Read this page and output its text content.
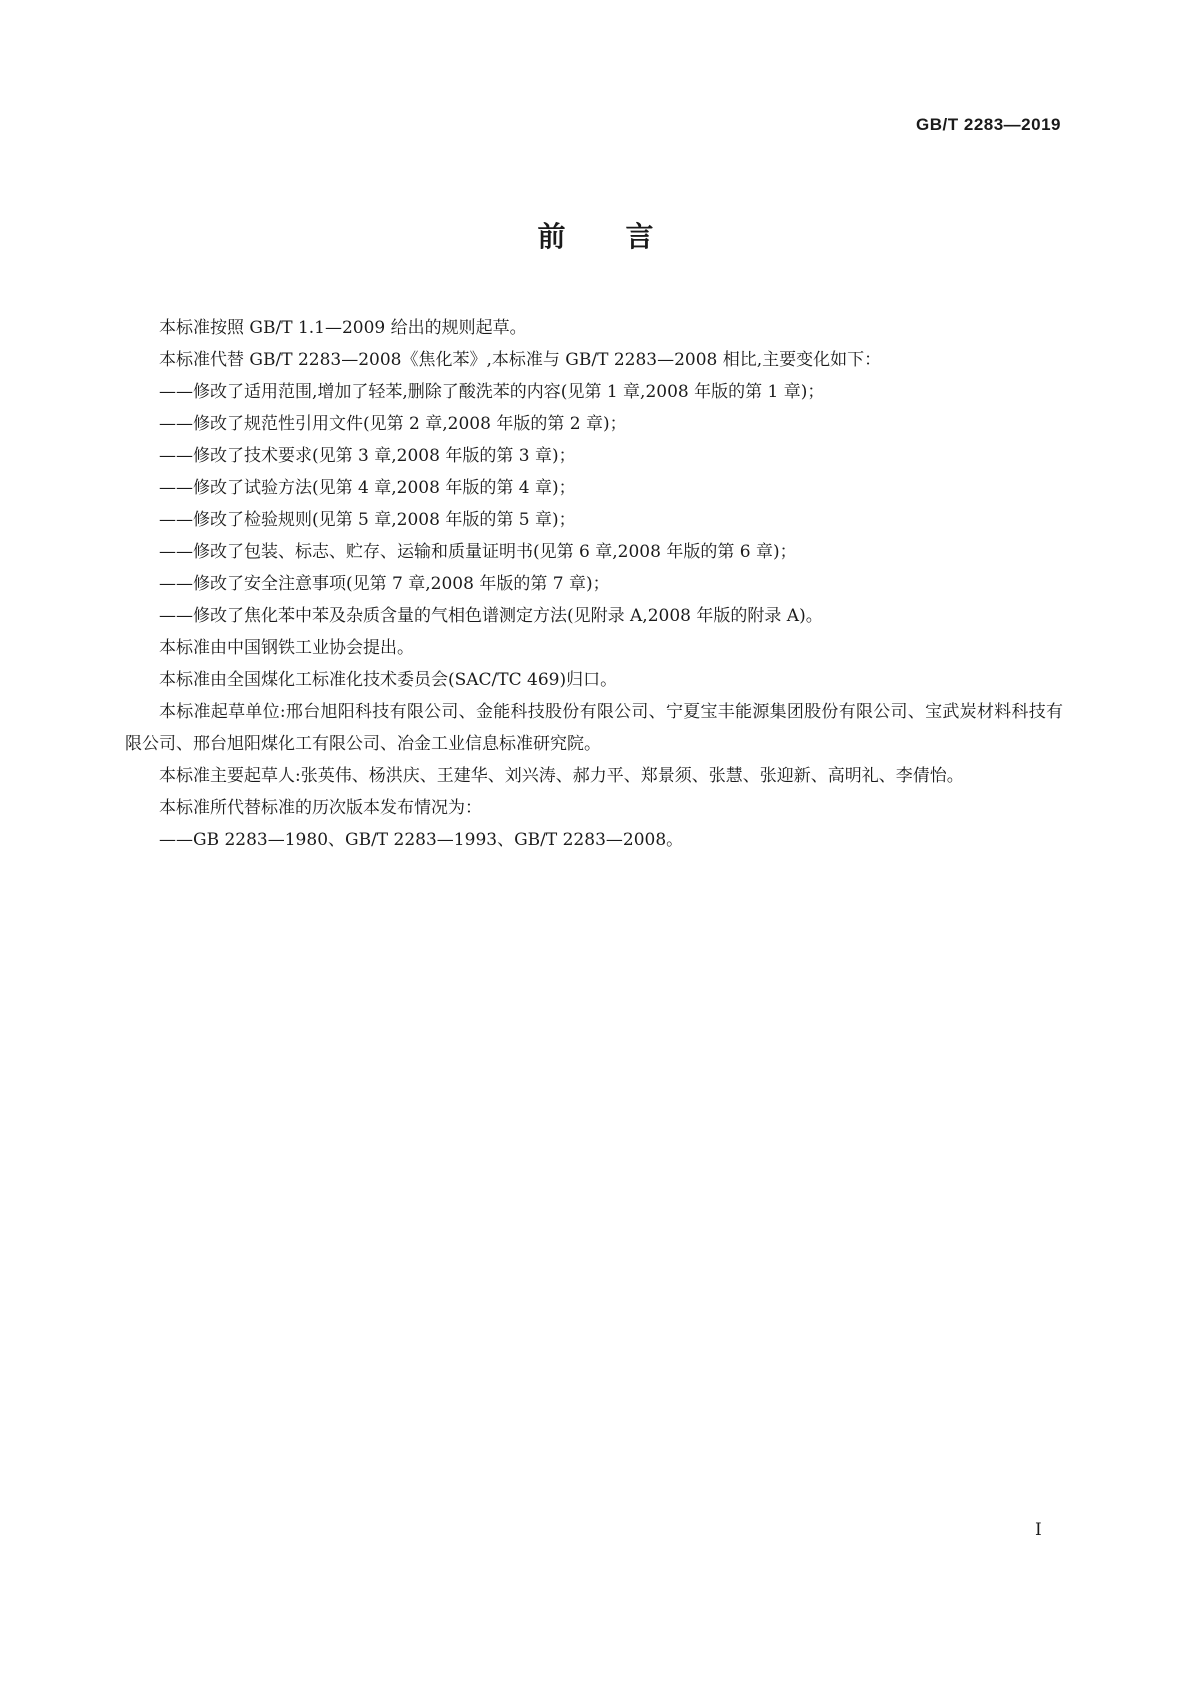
GB/T 2283—2019
前言

本标准按照 GB/T 1.1—2009 给出的规则起草。

本标准代替 GB/T 2283—2008《焦化苯》,本标准与 GB/T 2283—2008 相比,主要变化如下：

——修改了适用范围,增加了轻苯,删除了酸洗苯的内容(见第 1 章,2008 年版的第 1 章)；

——修改了规范性引用文件(见第 2 章,2008 年版的第 2 章)；

——修改了技术要求(见第 3 章,2008 年版的第 3 章)；

——修改了试验方法(见第 4 章,2008 年版的第 4 章)；

——修改了检验规则(见第 5 章,2008 年版的第 5 章)；

——修改了包装、标志、贮存、运输和质量证明书(见第 6 章,2008 年版的第 6 章)；

——修改了安全注意事项(见第 7 章,2008 年版的第 7 章)；

——修改了焦化苯中苯及杂质含量的气相色谱测定方法(见附录 A,2008 年版的附录 A)。

本标准由中国钢铁工业协会提出。

本标准由全国煤化工标准化技术委员会(SAC/TC 469)归口。

本标准起草单位:邢台旭阳科技有限公司、金能科技股份有限公司、宁夏宝丰能源集团股份有限公司、宝武炭材料科技有限公司、邢台旭阳煤化工有限公司、冶金工业信息标准研究院。

本标准主要起草人:张英伟、杨洪庆、王建华、刘兴涛、郝力平、郑景须、张慧、张迎新、高明礼、李倩怡。

本标准所代替标准的历次版本发布情况为：

——GB 2283—1980、GB/T 2283—1993、GB/T 2283—2008。

I
